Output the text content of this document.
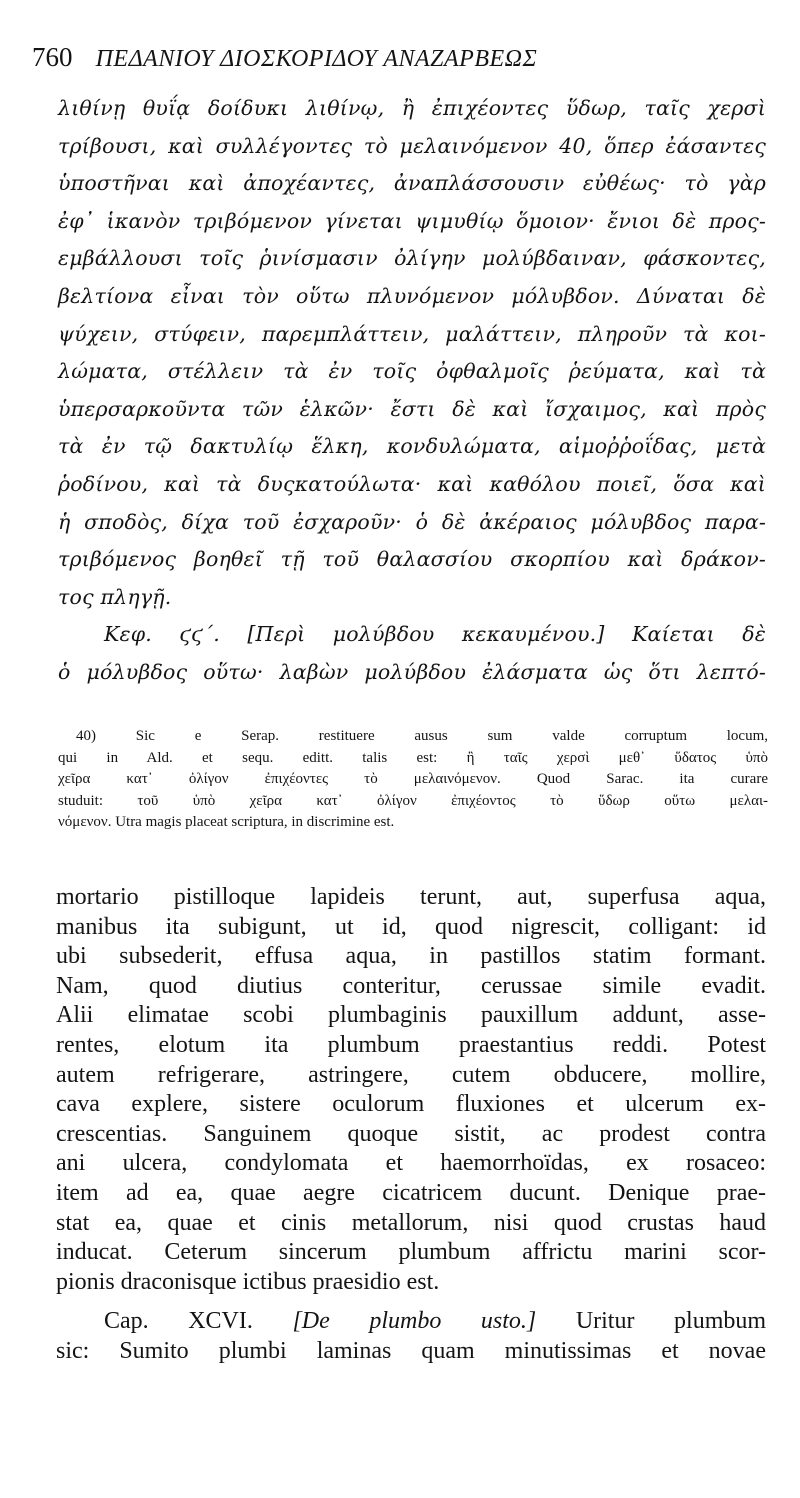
760 ΠΕΔΑΝΙΟΥ ΔΙΟΣΚΟΡΙΔΟΥ ΑΝΑΖΑΡΒΕΩΣ
λιθίνῃ θυΐᾳ δοίδυκι λιθίνῳ, ἢ ἐπιχέοντες ὕδωρ, ταῖς χερσὶ
τρίβουσι, καὶ συλλέγοντες τὸ μελαινόμενον 40, ὅπερ ἐάσαντες
ὑποστῆναι καὶ ἀποχέαντες, ἀναπλάσσουσιν εὐθέως· τὸ γὰρ
ἐφ᾽ ἱκανὸν τριβόμενον γίνεται ψιμυθίῳ ὅμοιον· ἔνιοι δὲ προς-
εμβάλλουσι τοῖς ῥινίσμασιν ὀλίγην μολύβδαιναν, φάσκοντες,
βελτίονα εἶναι τὸν οὕτω πλυνόμενον μόλυβδον. Δύναται δὲ
ψύχειν, στύφειν, παρεμπλάττειν, μαλάττειν, πληροῦν τὰ κοι-
λώματα, στέλλειν τὰ ἐν τοῖς ὀφθαλμοῖς ῥεύματα, καὶ τὰ
ὑπερσαρκοῦντα τῶν ἑλκῶν· ἔστι δὲ καὶ ἴσχαιμος, καὶ πρὸς
τὰ ἐν τῷ δακτυλίῳ ἕλκη, κονδυλώματα, αἱμοῤῥοΐδας, μετὰ
ῥοδίνου, καὶ τὰ δυςκατούλωτα· καὶ καθόλου ποιεῖ, ὅσα καὶ
ἡ σποδὸς, δίχα τοῦ ἐσχαροῦν· ὁ δὲ ἀκέραιος μόλυβδος παρα-
τριβόμενος βοηθεῖ τῇ τοῦ θαλασσίου σκορπίου καὶ δράκον-
τος πληγῇ.
Κεφ. ϛϛ΄. [Περὶ μολύβδου κεκαυμένου.] Καίεται δὲ
ὁ μόλυβδος οὕτω· λαβὼν μολύβδου ἐλάσματα ὡς ὅτι λεπτό-
40) Sic e Serap. restituere ausus sum valde corruptum locum,
qui in Ald. et sequ. editt. talis est: ἢ ταῖς χερσὶ μεθ᾽ ὕδατος ὑπὸ
χεῖρα κατ᾽ ὀλίγον ἐπιχέοντες τὸ μελαινόμενον. Quod Sarac. ita curare
studuit: τοῦ ὑπὸ χεῖρα κατ᾽ ὀλίγον ἐπιχέοντος τὸ ὕδωρ οὕτω μελαι-
νόμενον. Utra magis placeat scriptura, in discrimine est.
mortario pistilloque lapideis terunt, aut, superfusa aqua,
manibus ita subigunt, ut id, quod nigrescit, colligant: id
ubi subsederit, effusa aqua, in pastillos statim formant.
Nam, quod diutius conteritur, cerussae simile evadit.
Alii elimatae scobi plumbaginis pauxillum addunt, asse-
rentes, elotum ita plumbum praestantius reddi. Potest
autem refrigerare, astringere, cutem obducere, mollire,
cava explere, sistere oculorum fluxiones et ulcerum ex-
crescentias. Sanguinem quoque sistit, ac prodest contra
ani ulcera, condylomata et haemorrhoïdas, ex rosaceo:
item ad ea, quae aegre cicatricem ducunt. Denique prae-
stat ea, quae et cinis metallorum, nisi quod crustas haud
inducat. Ceterum sincerum plumbum affrictu marini scor-
pionis draconisque ictibus praesidio est.
Cap. XCVI. [De plumbo usto.] Uritur plumbum
sic: Sumito plumbi laminas quam minutissimas et novae
